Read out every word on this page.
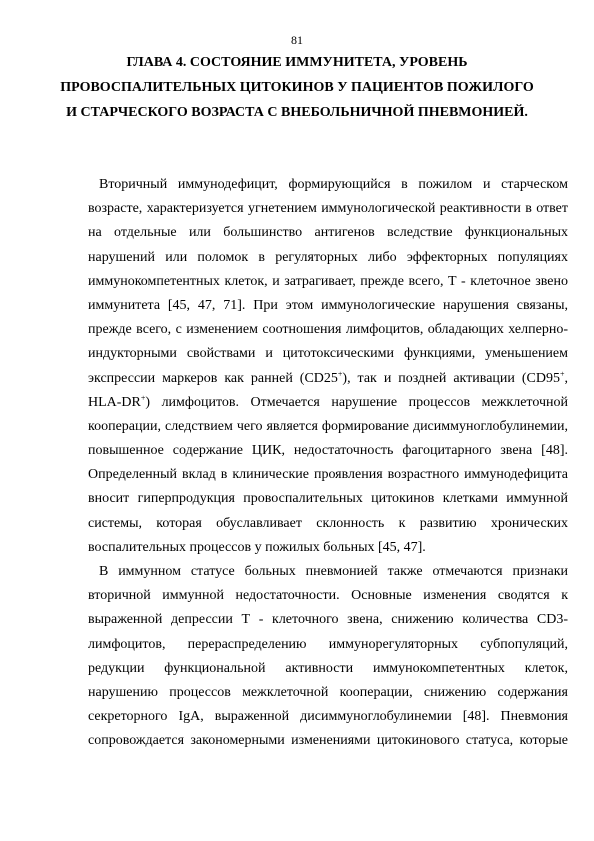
81
ГЛАВА 4. СОСТОЯНИЕ ИММУНИТЕТА, УРОВЕНЬ
ПРОВОСПАЛИТЕЛЬНЫХ ЦИТОКИНОВ У ПАЦИЕНТОВ ПОЖИЛОГО
И СТАРЧЕСКОГО ВОЗРАСТА С ВНЕБОЛЬНИЧНОЙ ПНЕВМОНИЕЙ.
Вторичный иммунодефицит, формирующийся в пожилом и старческом
возрасте, характеризуется угнетением иммунологической реактивности в ответ
на отдельные или большинство антигенов вследствие функциональных
нарушений или поломок в регуляторных либо эффекторных популяциях
иммунокомпетентных клеток, и затрагивает, прежде всего, Т - клеточное звено
иммунитета [45, 47, 71]. При этом иммунологические нарушения связаны,
прежде всего, с изменением соотношения лимфоцитов, обладающих хелперно-
индукторными свойствами и цитотоксическими функциями, уменьшением
экспрессии маркеров как ранней (CD25+), так и поздней активации (CD95+,
HLA-DR+) лимфоцитов. Отмечается нарушение процессов межклеточной
кооперации, следствием чего является формирование дисиммуноглобулинемии,
повышенное содержание ЦИК, недостаточность фагоцитарного звена [48].
Определенный вклад в клинические проявления возрастного иммунодефицита
вносит гиперпродукция провоспалительных цитокинов клетками иммунной
системы, которая обуславливает склонность к развитию хронических
воспалительных процессов у пожилых больных [45, 47].
В иммунном статусе больных пневмонией также отмечаются признаки
вторичной иммунной недостаточности. Основные изменения сводятся к
выраженной депрессии Т - клеточного звена, снижению количества CD3-
лимфоцитов, перераспределению иммунорегуляторных субпопуляций,
редукции функциональной активности иммунокомпетентных клеток,
нарушению процессов межклеточной кооперации, снижению содержания
секреторного IgA, выраженной дисиммуноглобулинемии [48]. Пневмония
сопровождается закономерными изменениями цитокинового статуса, которые
